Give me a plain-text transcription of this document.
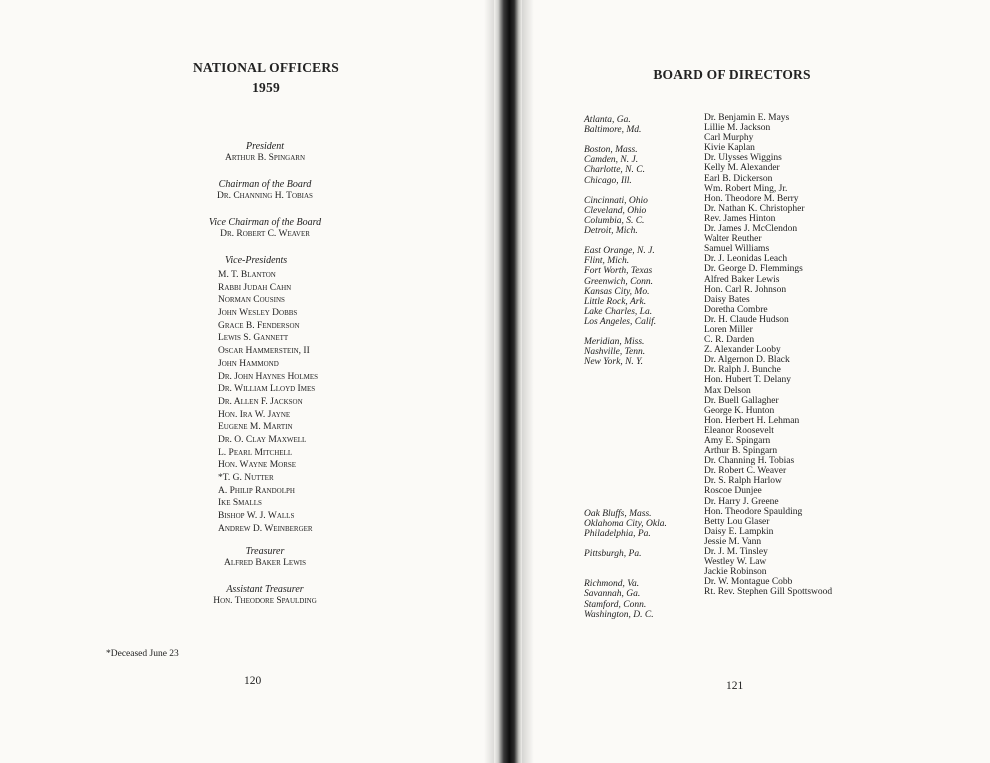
NATIONAL OFFICERS
1959
President
Arthur B. Spingarn
Chairman of the Board
Dr. Channing H. Tobias
Vice Chairman of the Board
Dr. Robert C. Weaver
Vice-Presidents
M. T. Blanton
Rabbi Judah Cahn
Norman Cousins
John Wesley Dobbs
Grace B. Fenderson
Lewis S. Gannett
Oscar Hammerstein, II
John Hammond
Dr. John Haynes Holmes
Dr. William Lloyd Imes
Dr. Allen F. Jackson
Hon. Ira W. Jayne
Eugene M. Martin
Dr. O. Clay Maxwell
L. Pearl Mitchell
Hon. Wayne Morse
*T. G. Nutter
A. Philip Randolph
Ike Smalls
Bishop W. J. Walls
Andrew D. Weinberger
Treasurer
Alfred Baker Lewis
Assistant Treasurer
Hon. Theodore Spaulding
*Deceased June 23
120
BOARD OF DIRECTORS
Atlanta, Ga.
Baltimore, Md.
Boston, Mass.
Camden, N. J.
Charlotte, N. C.
Chicago, Ill.
Cincinnati, Ohio
Cleveland, Ohio
Columbia, S. C.
Detroit, Mich.
East Orange, N. J.
Flint, Mich.
Fort Worth, Texas
Greenwich, Conn.
Kansas City, Mo.
Little Rock, Ark.
Lake Charles, La.
Los Angeles, Calif.
Meridian, Miss.
Nashville, Tenn.
New York, N. Y.
Oak Bluffs, Mass.
Oklahoma City, Okla.
Philadelphia, Pa.
Pittsburgh, Pa.
Richmond, Va.
Savannah, Ga.
Stamford, Conn.
Washington, D. C.
Dr. Benjamin E. Mays
Lillie M. Jackson
Carl Murphy
Kivie Kaplan
Dr. Ulysses Wiggins
Kelly M. Alexander
Earl B. Dickerson
Wm. Robert Ming, Jr.
Hon. Theodore M. Berry
Dr. Nathan K. Christopher
Rev. James Hinton
Dr. James J. McClendon
Walter Reuther
Samuel Williams
Dr. J. Leonidas Leach
Dr. George D. Flemmings
Alfred Baker Lewis
Hon. Carl R. Johnson
Daisy Bates
Doretha Combre
Dr. H. Claude Hudson
Loren Miller
C. R. Darden
Z. Alexander Looby
Dr. Algernon D. Black
Dr. Ralph J. Bunche
Hon. Hubert T. Delany
Max Delson
Dr. Buell Gallagher
George K. Hunton
Hon. Herbert H. Lehman
Eleanor Roosevelt
Amy E. Spingarn
Arthur B. Spingarn
Dr. Channing H. Tobias
Dr. Robert C. Weaver
Dr. S. Ralph Harlow
Roscoe Dunjee
Dr. Harry J. Greene
Hon. Theodore Spaulding
Betty Lou Glaser
Daisy E. Lampkin
Jessie M. Vann
Dr. J. M. Tinsley
Westley W. Law
Jackie Robinson
Dr. W. Montague Cobb
Rt. Rev. Stephen Gill Spottswood
121
